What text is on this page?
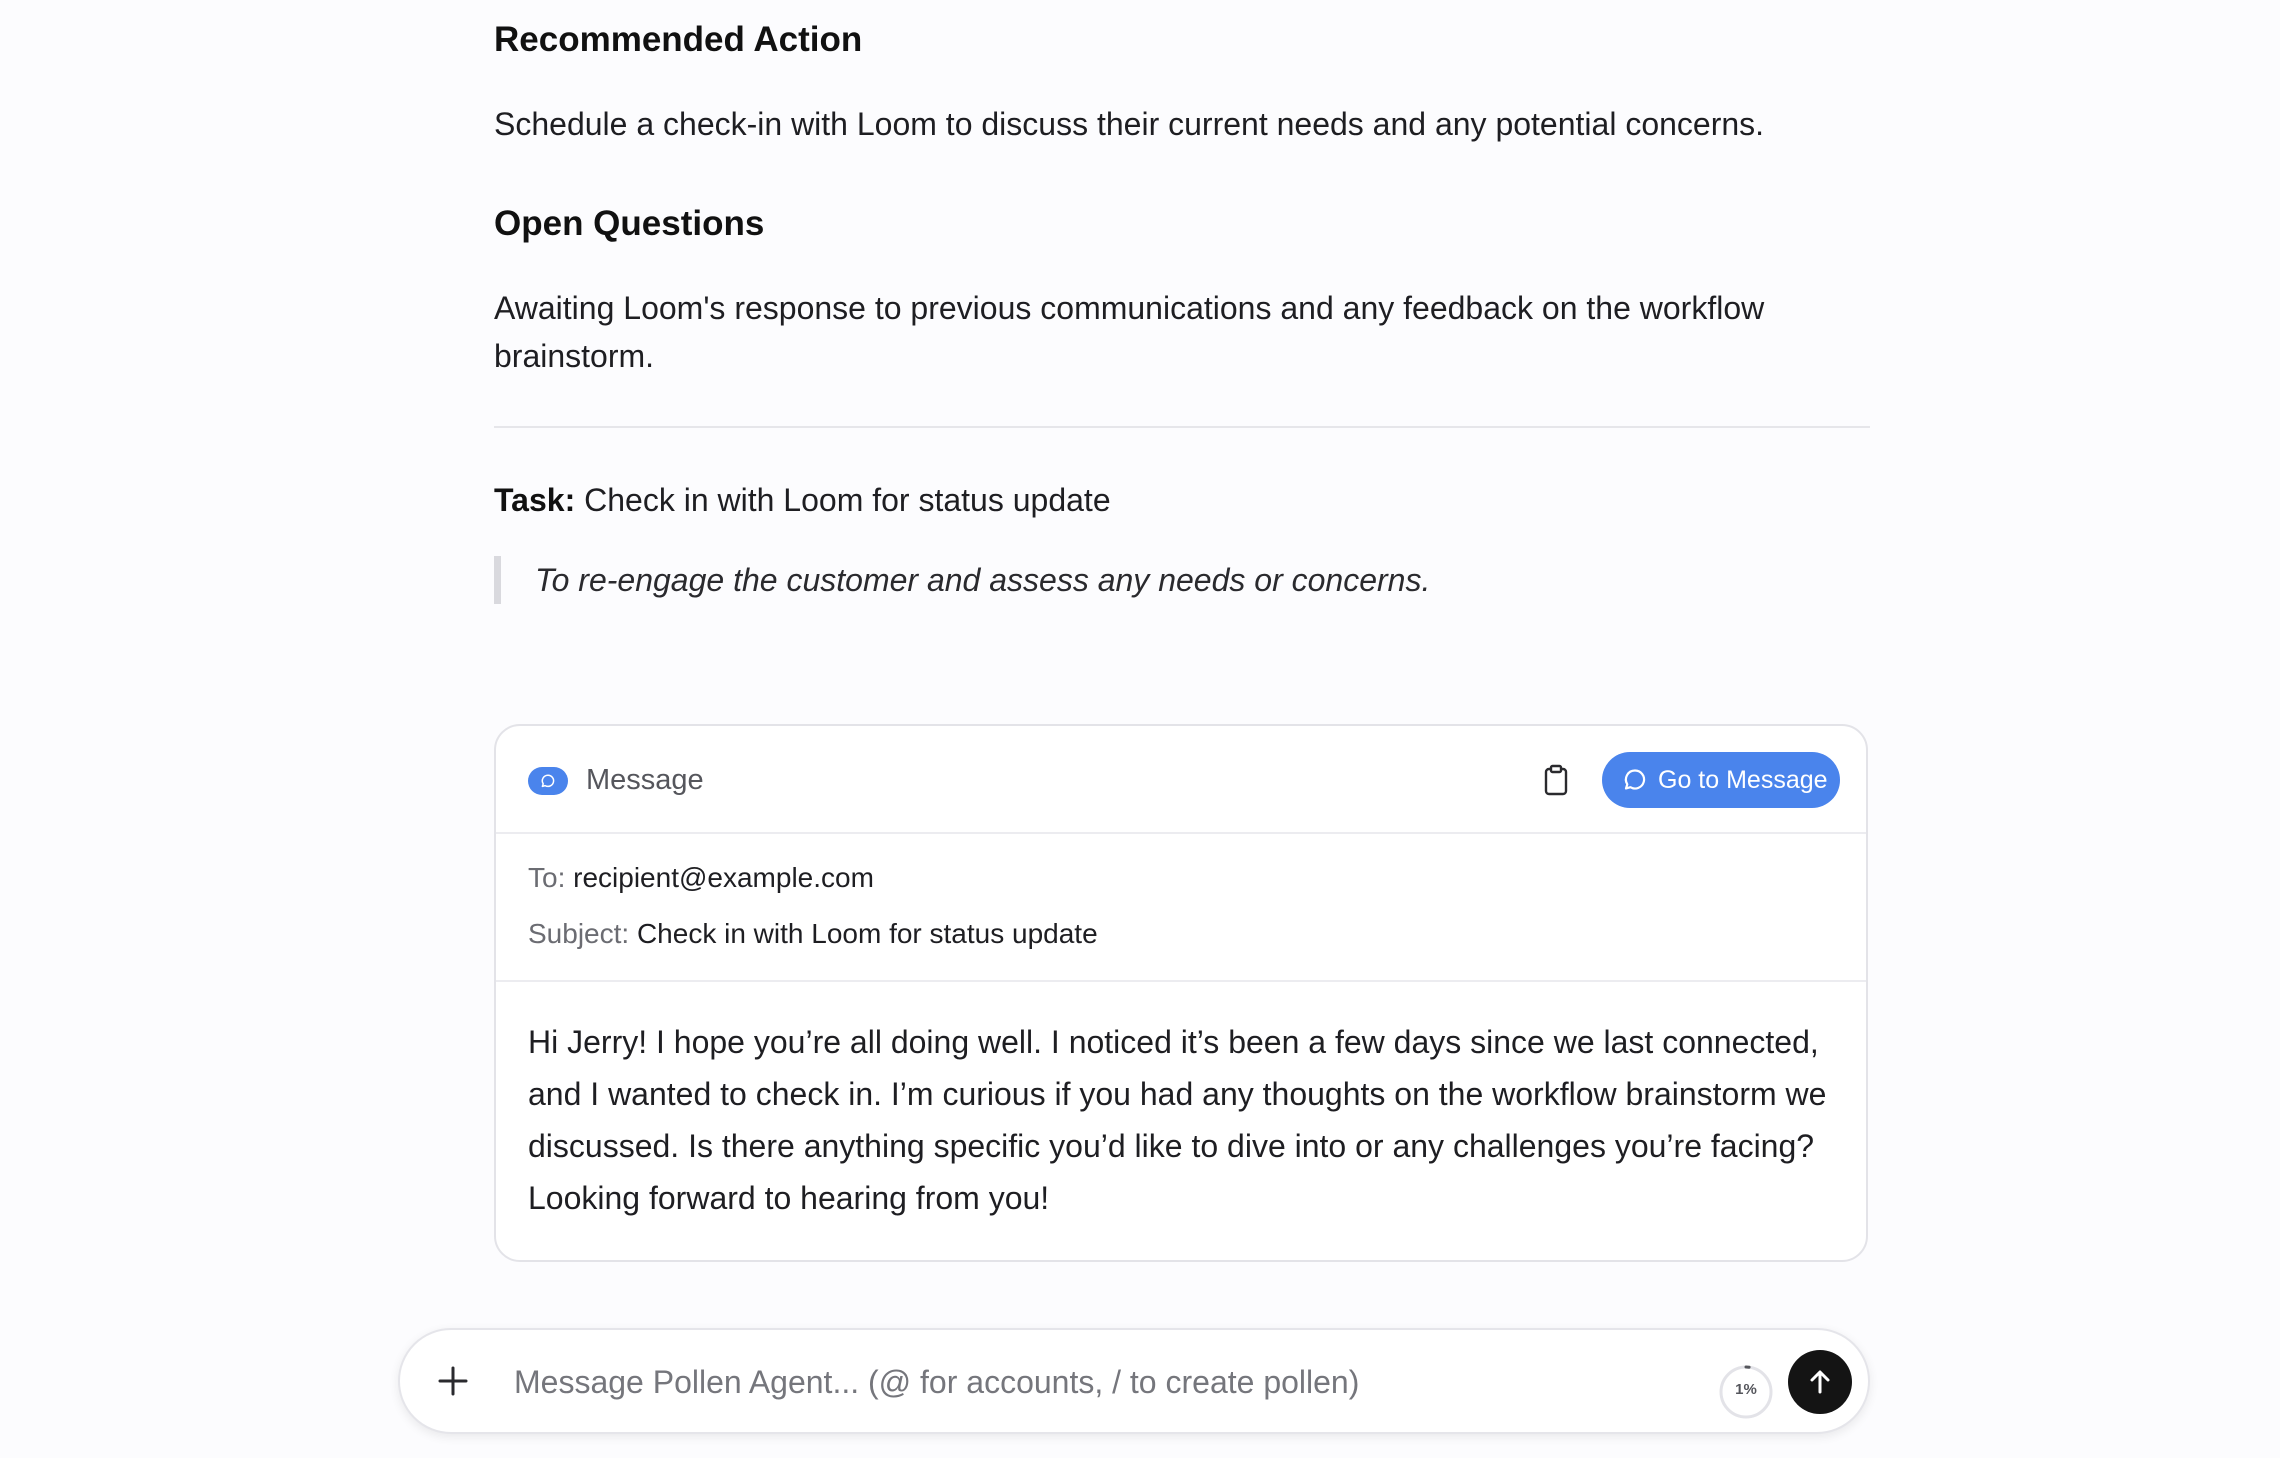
Recommended Action

Schedule a check-in with Loom to discuss their current needs and any potential concerns.

Open Questions

Awaiting Loom's response to previous communications and any feedback on the workflow brainstorm.

Task: Check in with Loom for status update
To re-engage the customer and assess any needs or concerns.
Message	Go to Message
To: recipient@example.com
Subject: Check in with Loom for status update
Hi Jerry! I hope you’re all doing well. I noticed it’s been a few days since we last connected, and I wanted to check in. I’m curious if you had any thoughts on the workflow brainstorm we discussed. Is there anything specific you’d like to dive into or any challenges you’re facing? Looking forward to hearing from you!
Message Pollen Agent... (@ for accounts, / to create pollen)
1%
